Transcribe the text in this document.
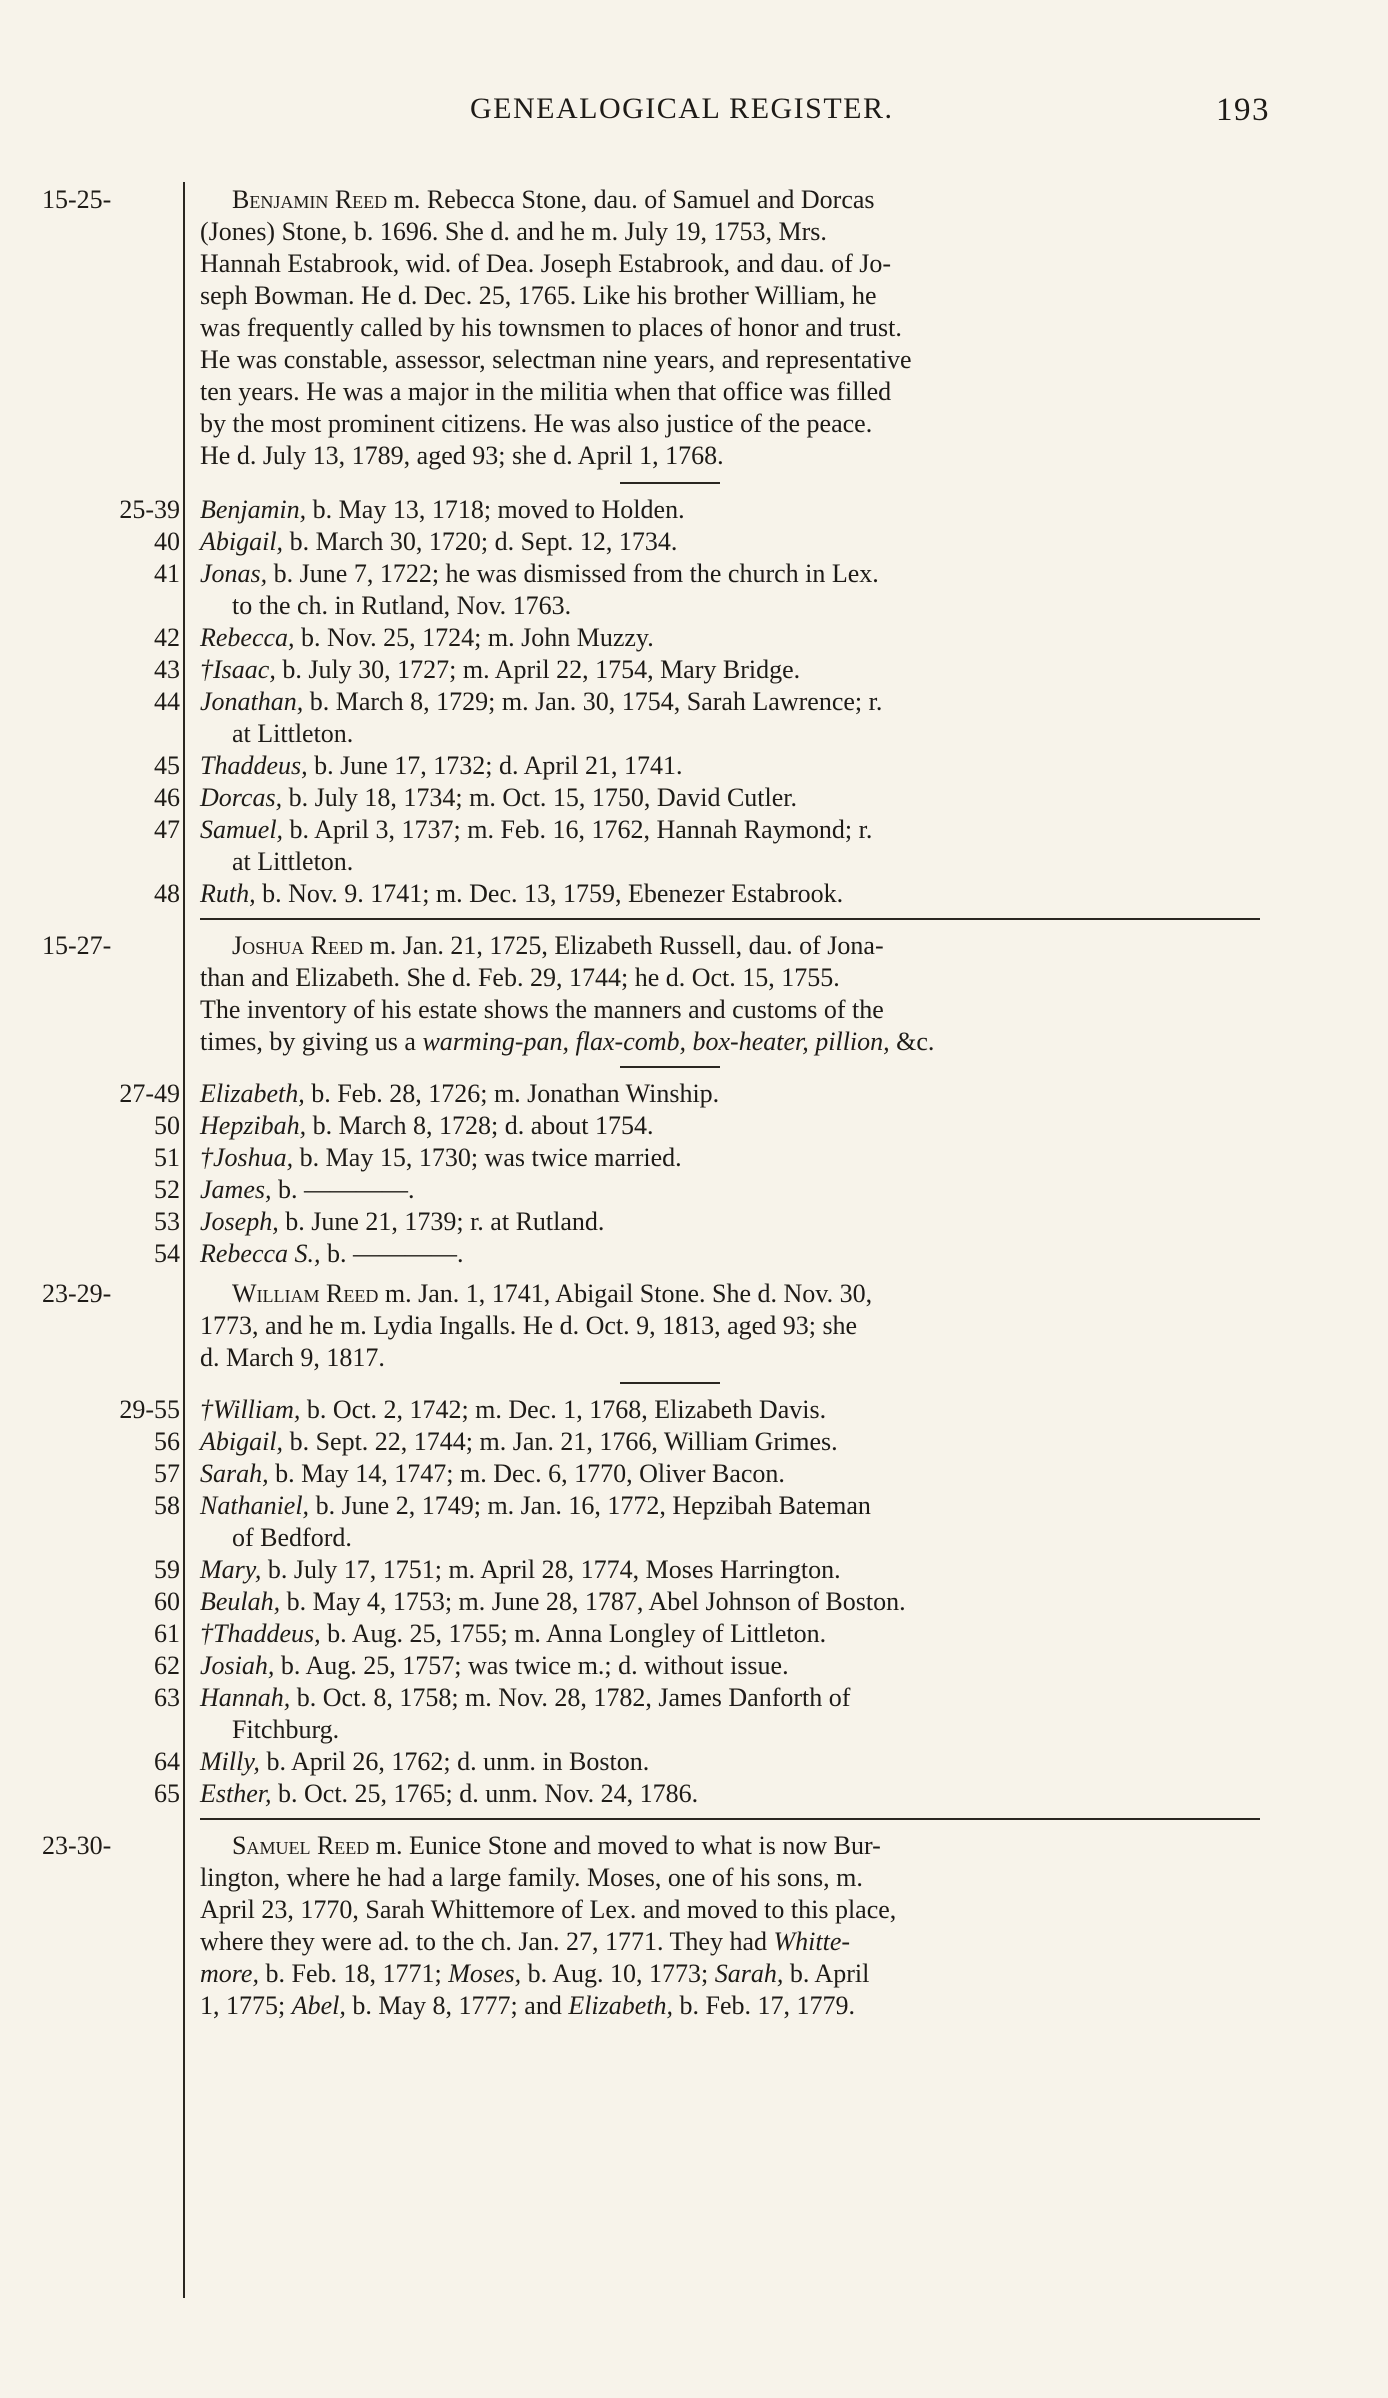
GENEALOGICAL REGISTER.	193
15-25-	Benjamin Reed m. Rebecca Stone, dau. of Samuel and Dorcas
(Jones) Stone, b. 1696. She d. and he m. July 19, 1753, Mrs.
Hannah Estabrook, wid. of Dea. Joseph Estabrook, and dau. of Jo-
seph Bowman. He d. Dec. 25, 1765. Like his brother William, he
was frequently called by his townsmen to places of honor and trust.
He was constable, assessor, selectman nine years, and representative
ten years. He was a major in the militia when that office was filled
by the most prominent citizens. He was also justice of the peace.
He d. July 13, 1789, aged 93; she d. April 1, 1768.
25-39 Benjamin, b. May 13, 1718; moved to Holden.
40 Abigail, b. March 30, 1720; d. Sept. 12, 1734.
41 Jonas, b. June 7, 1722; he was dismissed from the church in Lex.
to the ch. in Rutland, Nov. 1763.
42 Rebecca, b. Nov. 25, 1724; m. John Muzzy.
43 †Isaac, b. July 30, 1727; m. April 22, 1754, Mary Bridge.
44 Jonathan, b. March 8, 1729; m. Jan. 30, 1754, Sarah Lawrence; r.
at Littleton.
45 Thaddeus, b. June 17, 1732; d. April 21, 1741.
46 Dorcas, b. July 18, 1734; m. Oct. 15, 1750, David Cutler.
47 Samuel, b. April 3, 1737; m. Feb. 16, 1762, Hannah Raymond; r.
at Littleton.
48 Ruth, b. Nov. 9. 1741; m. Dec. 13, 1759, Ebenezer Estabrook.
15-27-	Joshua Reed m. Jan. 21, 1725, Elizabeth Russell, dau. of Jona-
than and Elizabeth. She d. Feb. 29, 1744; he d. Oct. 15, 1755.
The inventory of his estate shows the manners and customs of the
times, by giving us a warming-pan, flax-comb, box-heater, pillion, &c.
27-49 Elizabeth, b. Feb. 28, 1726; m. Jonathan Winship.
50 Hepzibah, b. March 8, 1728; d. about 1754.
51 †Joshua, b. May 15, 1730; was twice married.
52 James, b. ————.
53 Joseph, b. June 21, 1739; r. at Rutland.
54 Rebecca S., b. ————.
23-29-	William Reed m. Jan. 1, 1741, Abigail Stone. She d. Nov. 30,
1773, and he m. Lydia Ingalls. He d. Oct. 9, 1813, aged 93; she
d. March 9, 1817.
29-55 †William, b. Oct. 2, 1742; m. Dec. 1, 1768, Elizabeth Davis.
56 Abigail, b. Sept. 22, 1744; m. Jan. 21, 1766, William Grimes.
57 Sarah, b. May 14, 1747; m. Dec. 6, 1770, Oliver Bacon.
58 Nathaniel, b. June 2, 1749; m. Jan. 16, 1772, Hepzibah Bateman
of Bedford.
59 Mary, b. July 17, 1751; m. April 28, 1774, Moses Harrington.
60 Beulah, b. May 4, 1753; m. June 28, 1787, Abel Johnson of Boston.
61 †Thaddeus, b. Aug. 25, 1755; m. Anna Longley of Littleton.
62 Josiah, b. Aug. 25, 1757; was twice m.; d. without issue.
63 Hannah, b. Oct. 8, 1758; m. Nov. 28, 1782, James Danforth of
Fitchburg.
64 Milly, b. April 26, 1762; d. unm. in Boston.
65 Esther, b. Oct. 25, 1765; d. unm. Nov. 24, 1786.
23-30-	Samuel Reed m. Eunice Stone and moved to what is now Bur-
lington, where he had a large family. Moses, one of his sons, m.
April 23, 1770, Sarah Whittemore of Lex. and moved to this place,
where they were ad. to the ch. Jan. 27, 1771. They had Whitte-
more, b. Feb. 18, 1771; Moses, b. Aug. 10, 1773; Sarah, b. April
1, 1775; Abel, b. May 8, 1777; and Elizabeth, b. Feb. 17, 1779.
